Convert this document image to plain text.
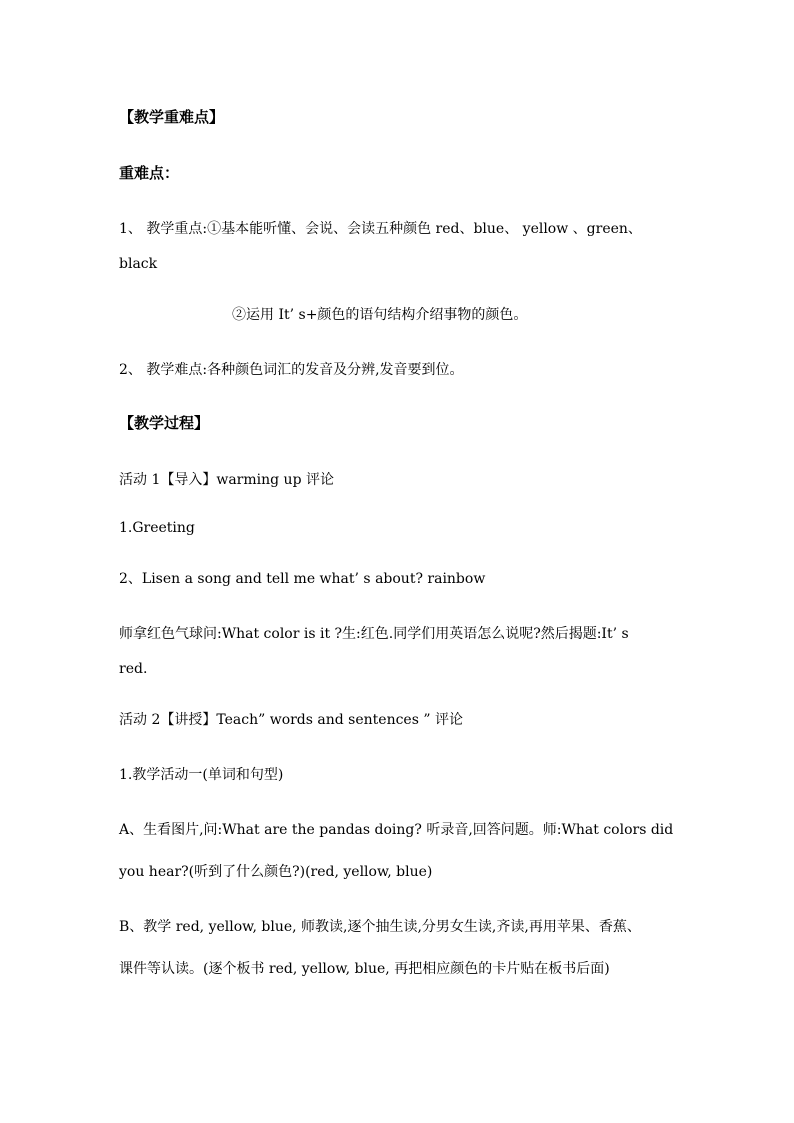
【教学重难点】
重难点：
1、 教学重点:①基本能听懂、会说、会读五种颜色 red、blue、 yellow 、green、
black
②运用 It’ s+颜色的语句结构介绍事物的颜色。
2、 教学难点:各种颜色词汇的发音及分辨,发音要到位。
【教学过程】
活动 1【导入】warming up 评论
1.Greeting
2、Lisen a song and tell me what’ s about? rainbow
师拿红色气球问:What color is it ?生:红色.同学们用英语怎么说呢?然后揭题:It’ s
red.
活动 2【讲授】Teach” words and sentences ” 评论
1.教学活动一(单词和句型)
A、生看图片,问:What are the pandas doing? 听录音,回答问题。师:What colors did
you hear?(听到了什么颜色?)(red, yellow, blue)
B、教学 red, yellow, blue, 师教读,逐个抽生读,分男女生读,齐读,再用苹果、香蕉、
课件等认读。(逐个板书 red, yellow, blue, 再把相应颜色的卡片贴在板书后面)
